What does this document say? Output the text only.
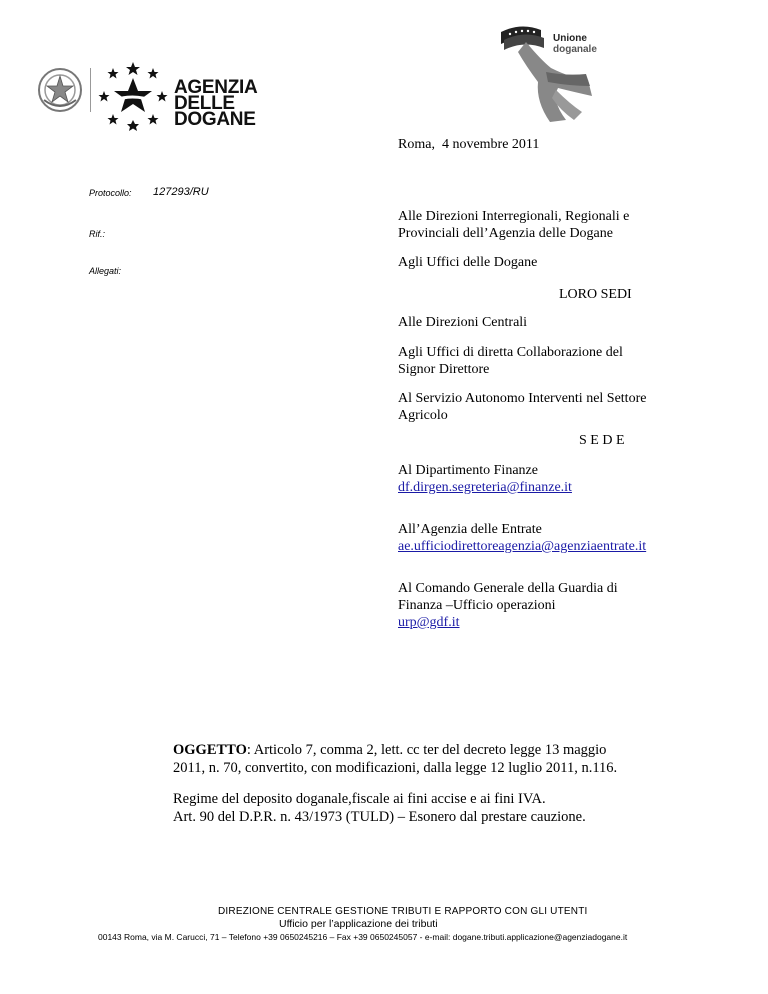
AGENZIA
DELLE
DOGANE
Unione
doganale
Roma,  4 novembre 2011
Protocollo: 127293/RU
Rif.:
Allegati:
Alle Direzioni Interregionali, Regionali e
Provinciali dell’Agenzia delle Dogane
Agli Uffici delle Dogane
LORO SEDI
Alle Direzioni Centrali
Agli Uffici di diretta Collaborazione del
Signor Direttore
Al Servizio Autonomo Interventi nel Settore
Agricolo
S E D E
Al Dipartimento Finanze
df.dirgen.segreteria@finanze.it
All’Agenzia delle Entrate
ae.ufficiodirettoreagenzia@agenziaentrate.it
Al Comando Generale della Guardia di
Finanza –Ufficio operazioni
urp@gdf.it
OGGETTO: Articolo 7, comma 2, lett. cc ter del decreto legge 13 maggio
2011, n. 70, convertito, con modificazioni, dalla legge 12 luglio 2011, n.116.
Regime del deposito doganale,fiscale ai fini accise e ai fini IVA.
Art. 90 del D.P.R. n. 43/1973 (TULD) – Esonero dal prestare cauzione.
DIREZIONE CENTRALE GESTIONE TRIBUTI E RAPPORTO CON GLI UTENTI
Ufficio per l’applicazione dei tributi
00143 Roma, via M. Carucci, 71 – Telefono +39 0650245216 – Fax +39 0650245057 - e-mail: dogane.tributi.applicazione@agenziadogane.it
